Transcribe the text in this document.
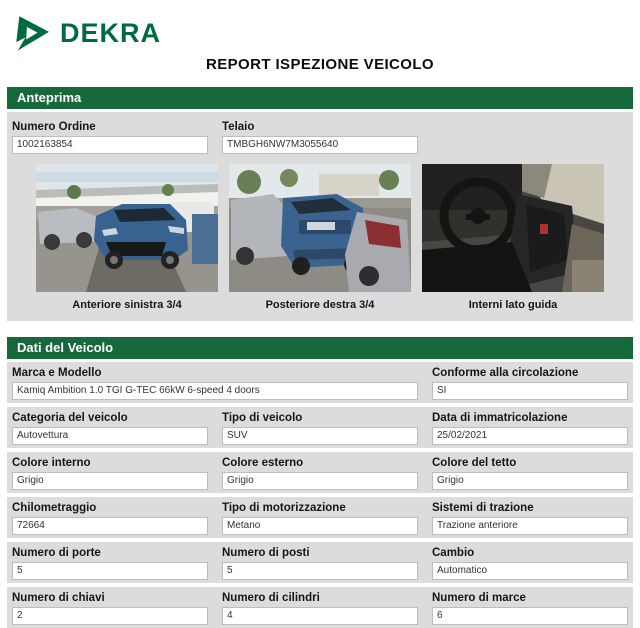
DEKRA
REPORT ISPEZIONE VEICOLO
Anteprima
Numero Ordine
1002163854
Telaio
TMBGH6NW7M3055640
Anteriore sinistra 3/4	Posteriore destra 3/4	Interni lato guida
Dati del Veicolo
Marca e Modello
Kamiq Ambition 1.0 TGI G-TEC 66kW 6-speed 4 doors
Conforme alla circolazione
SI
Categoria del veicolo
Autovettura
Tipo di veicolo
SUV
Data di immatricolazione
25/02/2021
Colore interno
Grigio
Colore esterno
Grigio
Colore del tetto
Grigio
Chilometraggio
72664
Tipo di motorizzazione
Metano
Sistemi di trazione
Trazione anteriore
Numero di porte
5
Numero di posti
5
Cambio
Automatico
Numero di chiavi
2
Numero di cilindri
4
Numero di marce
6
